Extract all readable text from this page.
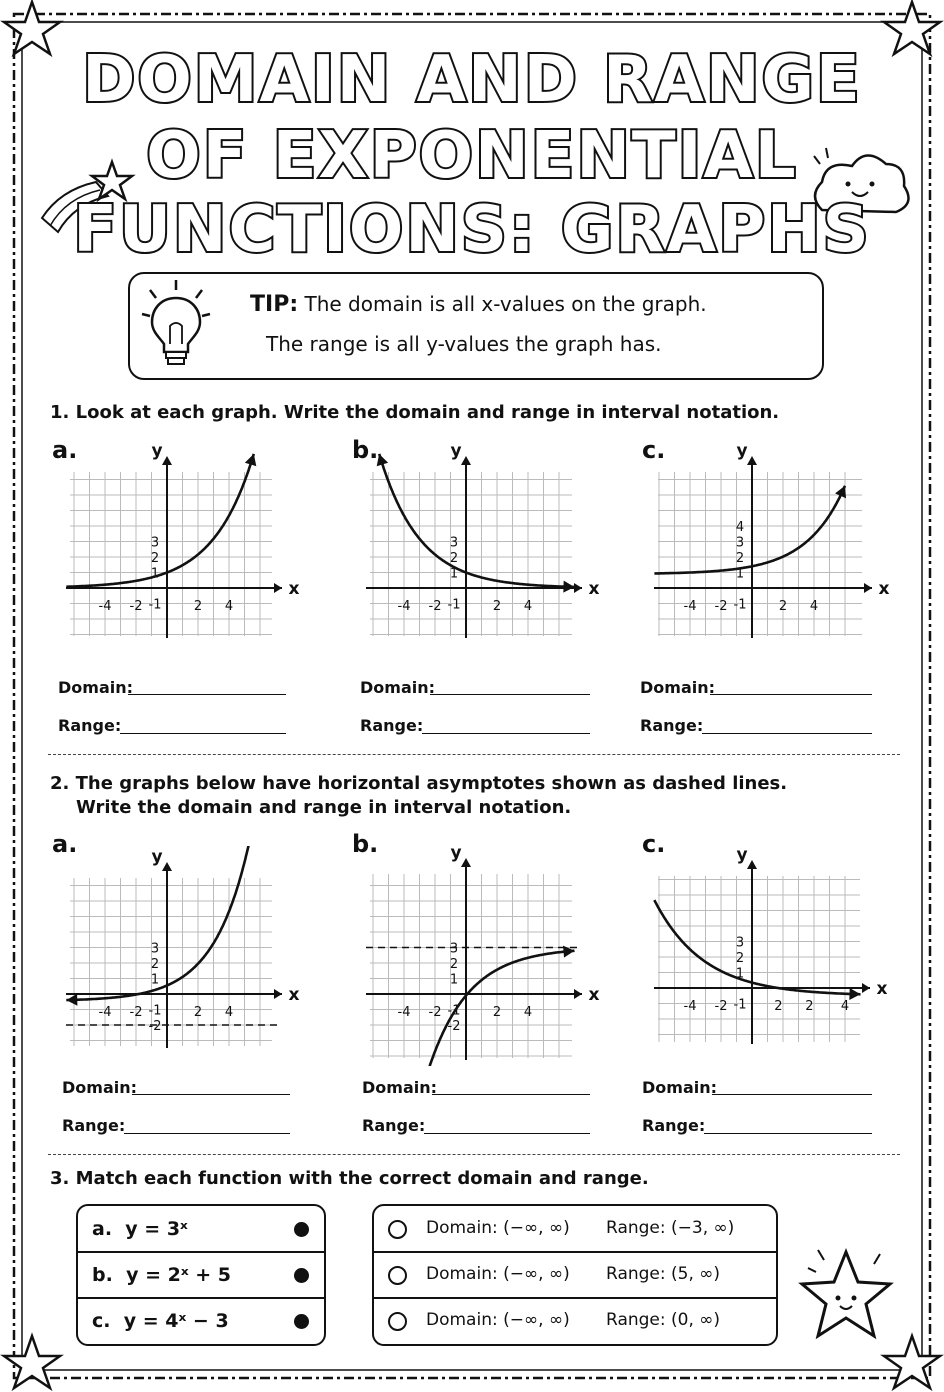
DOMAIN AND RANGE
OF EXPONENTIAL
FUNCTIONS: GRAPHS
TIP: The domain is all x-values on the graph.
The range is all y-values the graph has.
1. Look at each graph. Write the domain and range in interval notation.
a.	b.	c.
x
y
-4 -2	2 4
3
2
1
-1
x
y
-4 -2	2 4
3
2
1
-1
x
y
-4 -2	2 4
4
3
2
1
-1
Domain:
Range:
Domain:
Range:
Domain:
Range:
2. The graphs below have horizontal asymptotes shown as dashed lines.
Write the domain and range in interval notation.
a.	b.	c.
x
y
-4 -2	2 4
3
2
1
-1
-2
x
y
-4 -2	2 4
3
2
1
-1
-2
x
y
-4 -2	2 2 4
3
2
1
-1
Domain:
Range:
Domain:
Range:
Domain:
Range:
3. Match each function with the correct domain and range.
a. y = 3ˣ
b. y = 2ˣ + 5
c. y = 4ˣ − 3
Domain: (−∞, ∞) Range: (−3, ∞)
Domain: (−∞, ∞) Range: (5, ∞)
Domain: (−∞, ∞) Range: (0, ∞)
